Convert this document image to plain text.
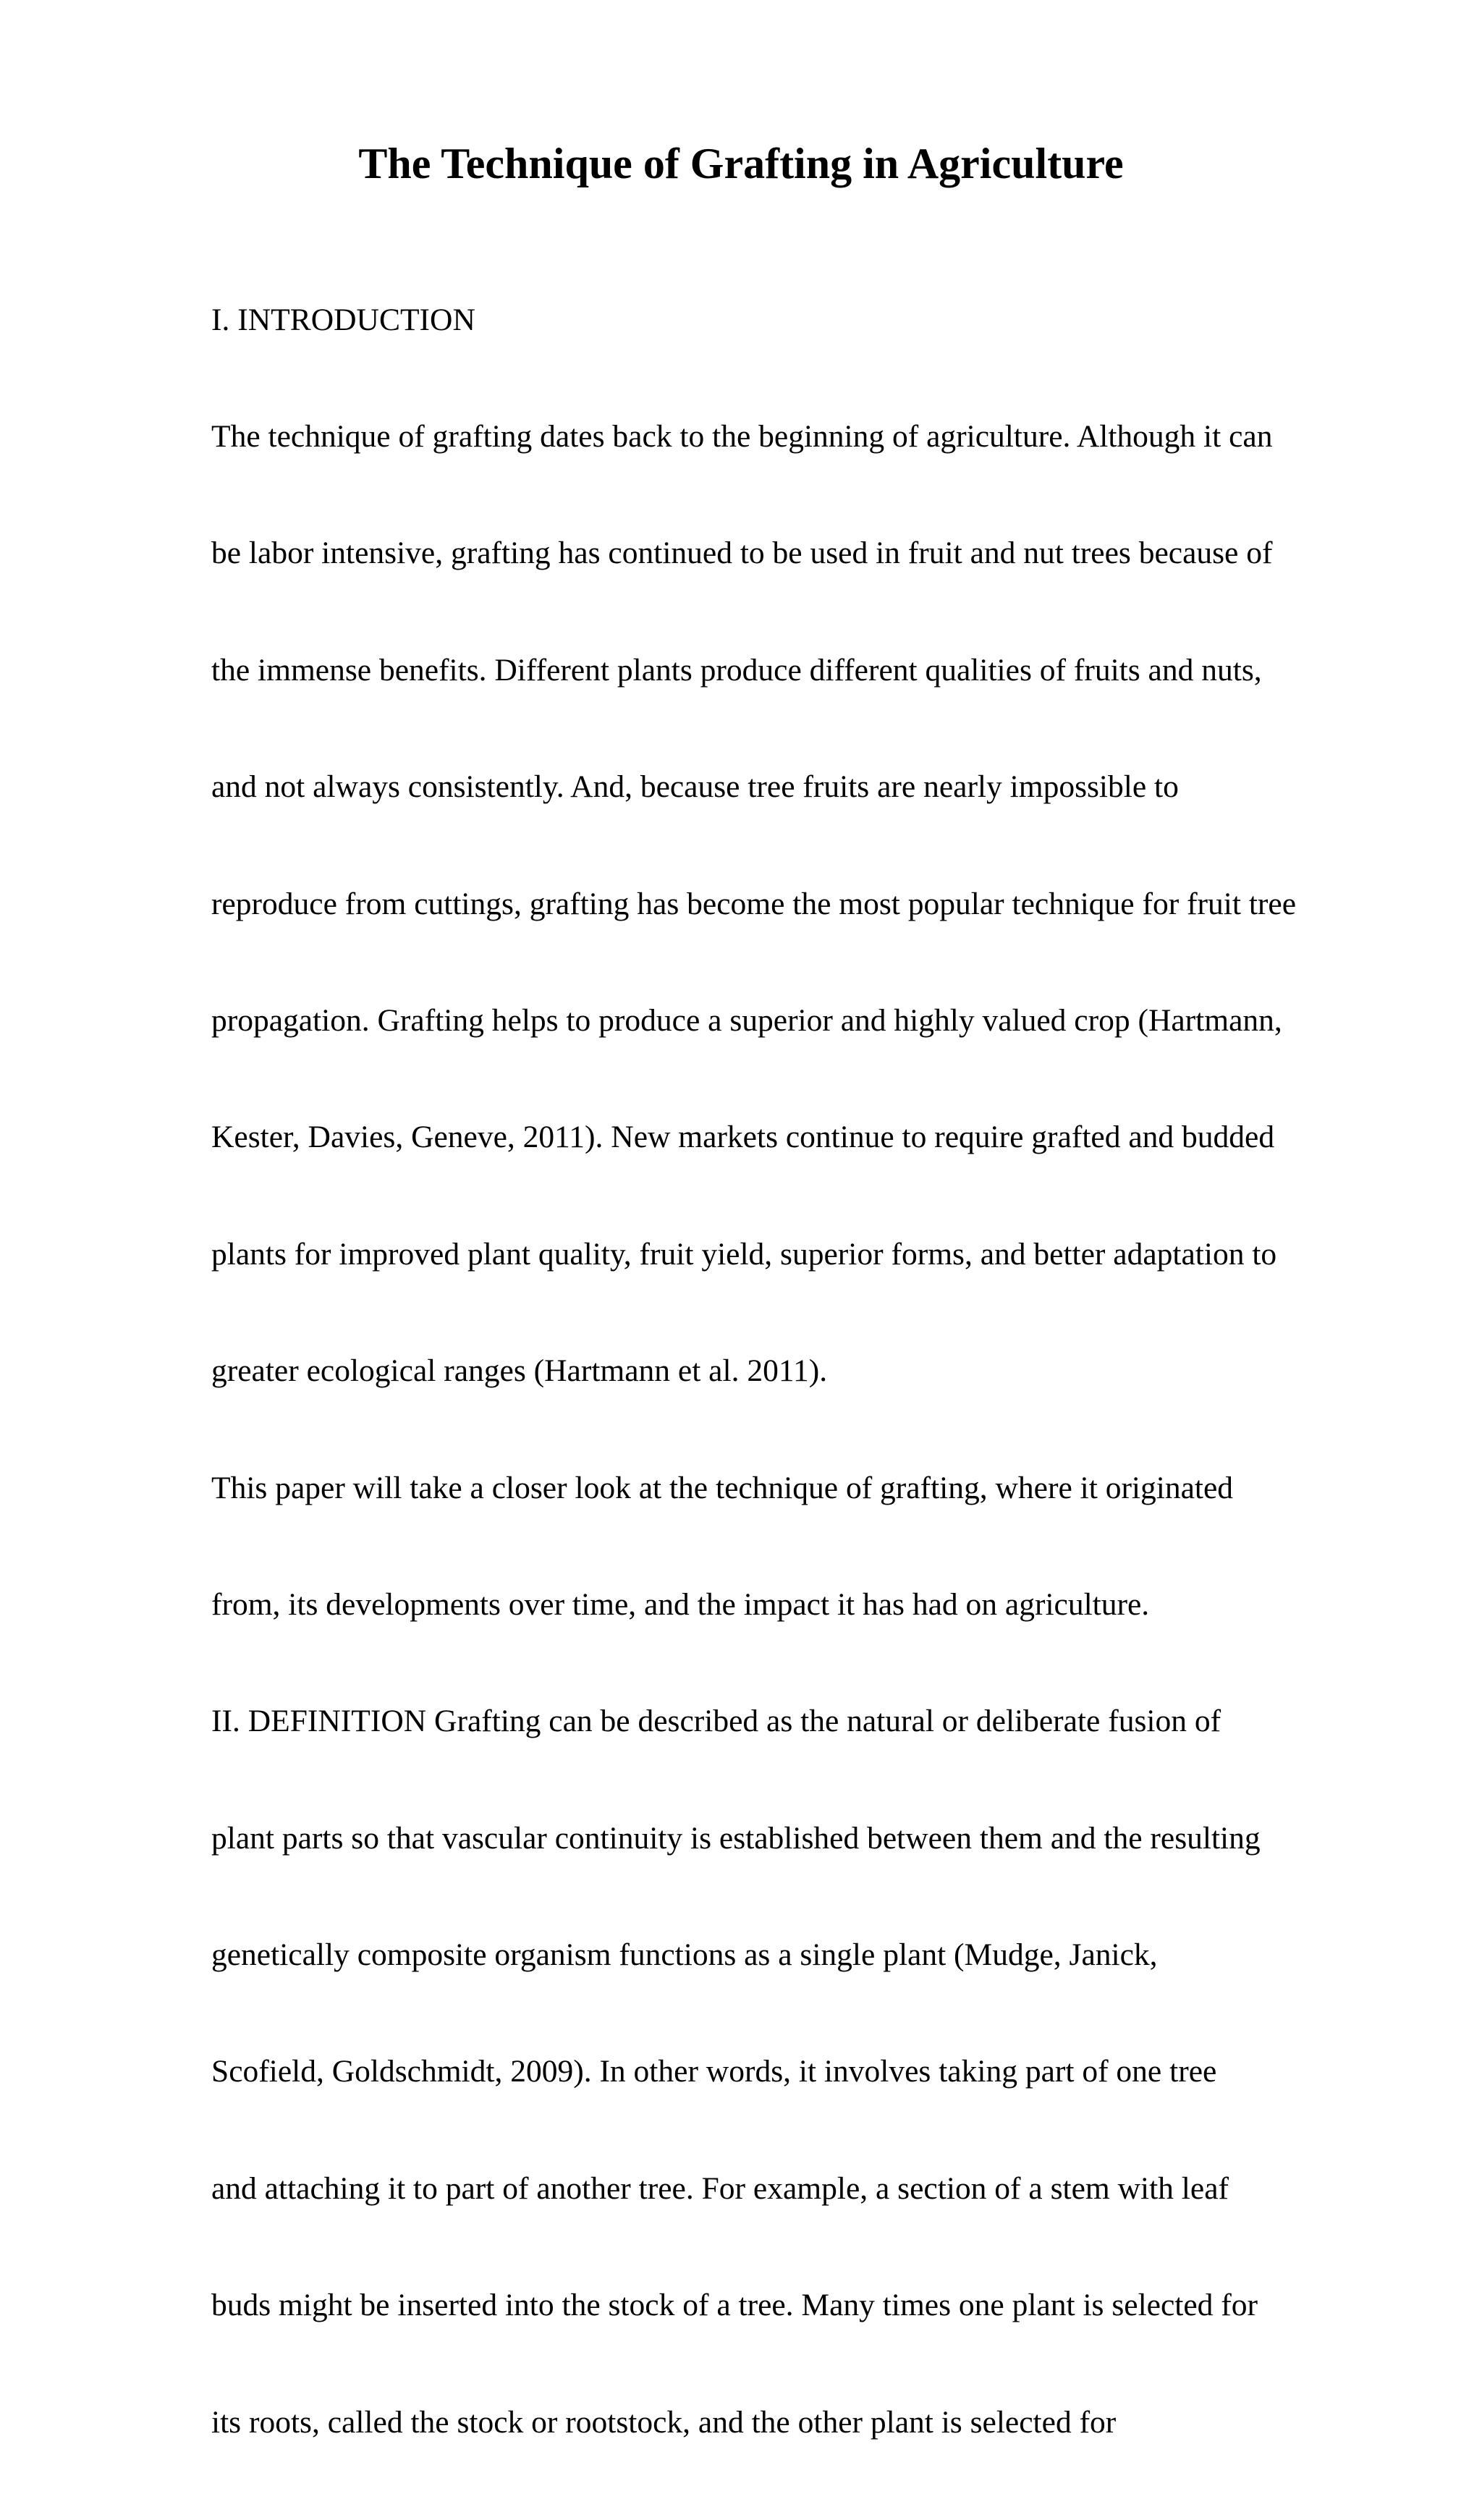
The Technique of Grafting in Agriculture

I. INTRODUCTION

The technique of grafting dates back to the beginning of agriculture. Although it can

be labor intensive, grafting has continued to be used in fruit and nut trees because of

the immense benefits. Different plants produce different qualities of fruits and nuts,

and not always consistently. And, because tree fruits are nearly impossible to

reproduce from cuttings, grafting has become the most popular technique for fruit tree

propagation. Grafting helps to produce a superior and highly valued crop (Hartmann,

Kester, Davies, Geneve, 2011). New markets continue to require grafted and budded

plants for improved plant quality, fruit yield, superior forms, and better adaptation to

greater ecological ranges (Hartmann et al. 2011).

This paper will take a closer look at the technique of grafting, where it originated

from, its developments over time, and the impact it has had on agriculture.

II. DEFINITION Grafting can be described as the natural or deliberate fusion of

plant parts so that vascular continuity is established between them and the resulting

genetically composite organism functions as a single plant (Mudge, Janick,

Scofield, Goldschmidt, 2009). In other words, it involves taking part of one tree

and attaching it to part of another tree. For example, a section of a stem with leaf

buds might be inserted into the stock of a tree. Many times one plant is selected for

its roots, called the stock or rootstock, and the other plant is selected for
